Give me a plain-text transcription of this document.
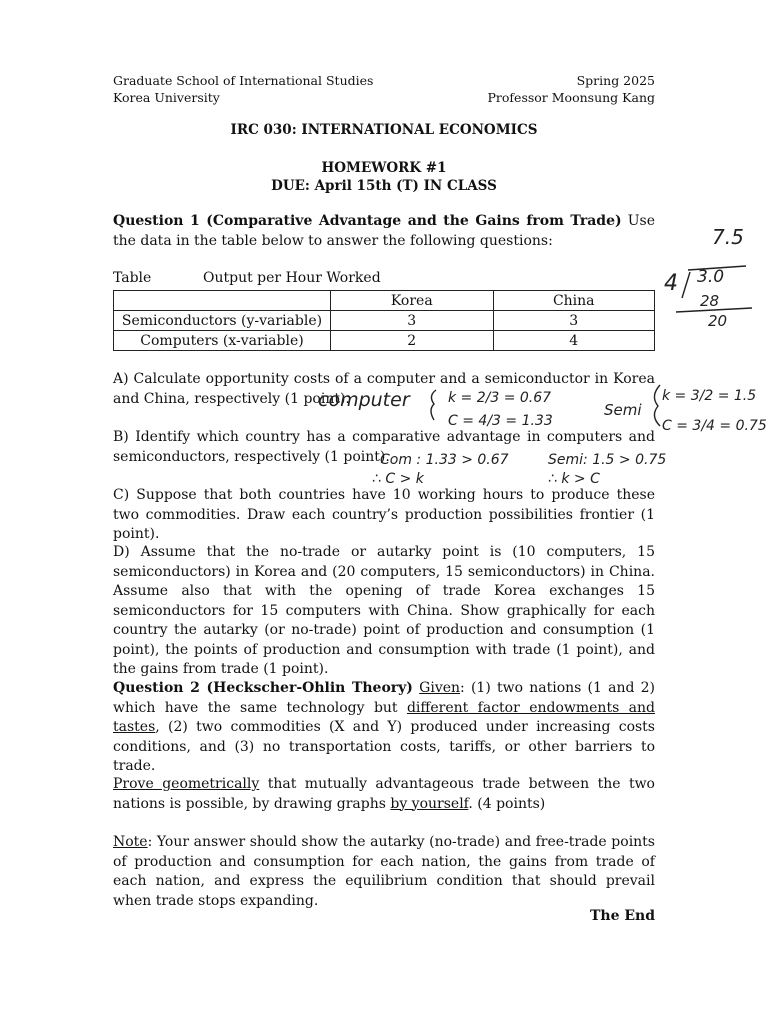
Graduate School of International Studies
Korea University
Spring 2025
Professor Moonsung Kang
IRC 030: INTERNATIONAL ECONOMICS
HOMEWORK #1
DUE: April 15th (T) IN CLASS
Question 1 (Comparative Advantage and the Gains from Trade) Use the data in the table below to answer the following questions:
Table	Output per Hour Worked
	Korea	China
Semiconductors (y-variable)	3	3
Computers (x-variable)	2	4
A) Calculate opportunity costs of a computer and a semiconductor in Korea and China, respectively (1 point).
B) Identify which country has a comparative advantage in computers and semiconductors, respectively (1 point).
C) Suppose that both countries have 10 working hours to produce these two commodities. Draw each country’s production possibilities frontier (1 point).
D) Assume that the no-trade or autarky point is (10 computers, 15 semiconductors) in Korea and (20 computers, 15 semiconductors) in China. Assume also that with the opening of trade Korea exchanges 15 semiconductors for 15 computers with China. Show graphically for each country the autarky (or no-trade) point of production and consumption (1 point), the points of production and consumption with trade (1 point), and the gains from trade (1 point).
Question 2 (Heckscher-Ohlin Theory) Given: (1) two nations (1 and 2) which have the same technology but different factor endowments and tastes, (2) two commodities (X and Y) produced under increasing costs conditions, and (3) no transportation costs, tariffs, or other barriers to trade.
Prove geometrically that mutually advantageous trade between the two nations is possible, by drawing graphs by yourself. (4 points)
Note: Your answer should show the autarky (no-trade) and free-trade points of production and consumption for each nation, the gains from trade of each nation, and express the equilibrium condition that should prevail when trade stops expanding.
The End
7.5
4 3.0
28
20
computer	k = 2/3 = 0.67
C = 4/3 = 1.33
Semi
k = 3/2 = 1.5
C = 3/4 = 0.75
Com : 1.33 > 0.67	Semi: 1.5 > 0.75
∴ C > k	∴ k > C
